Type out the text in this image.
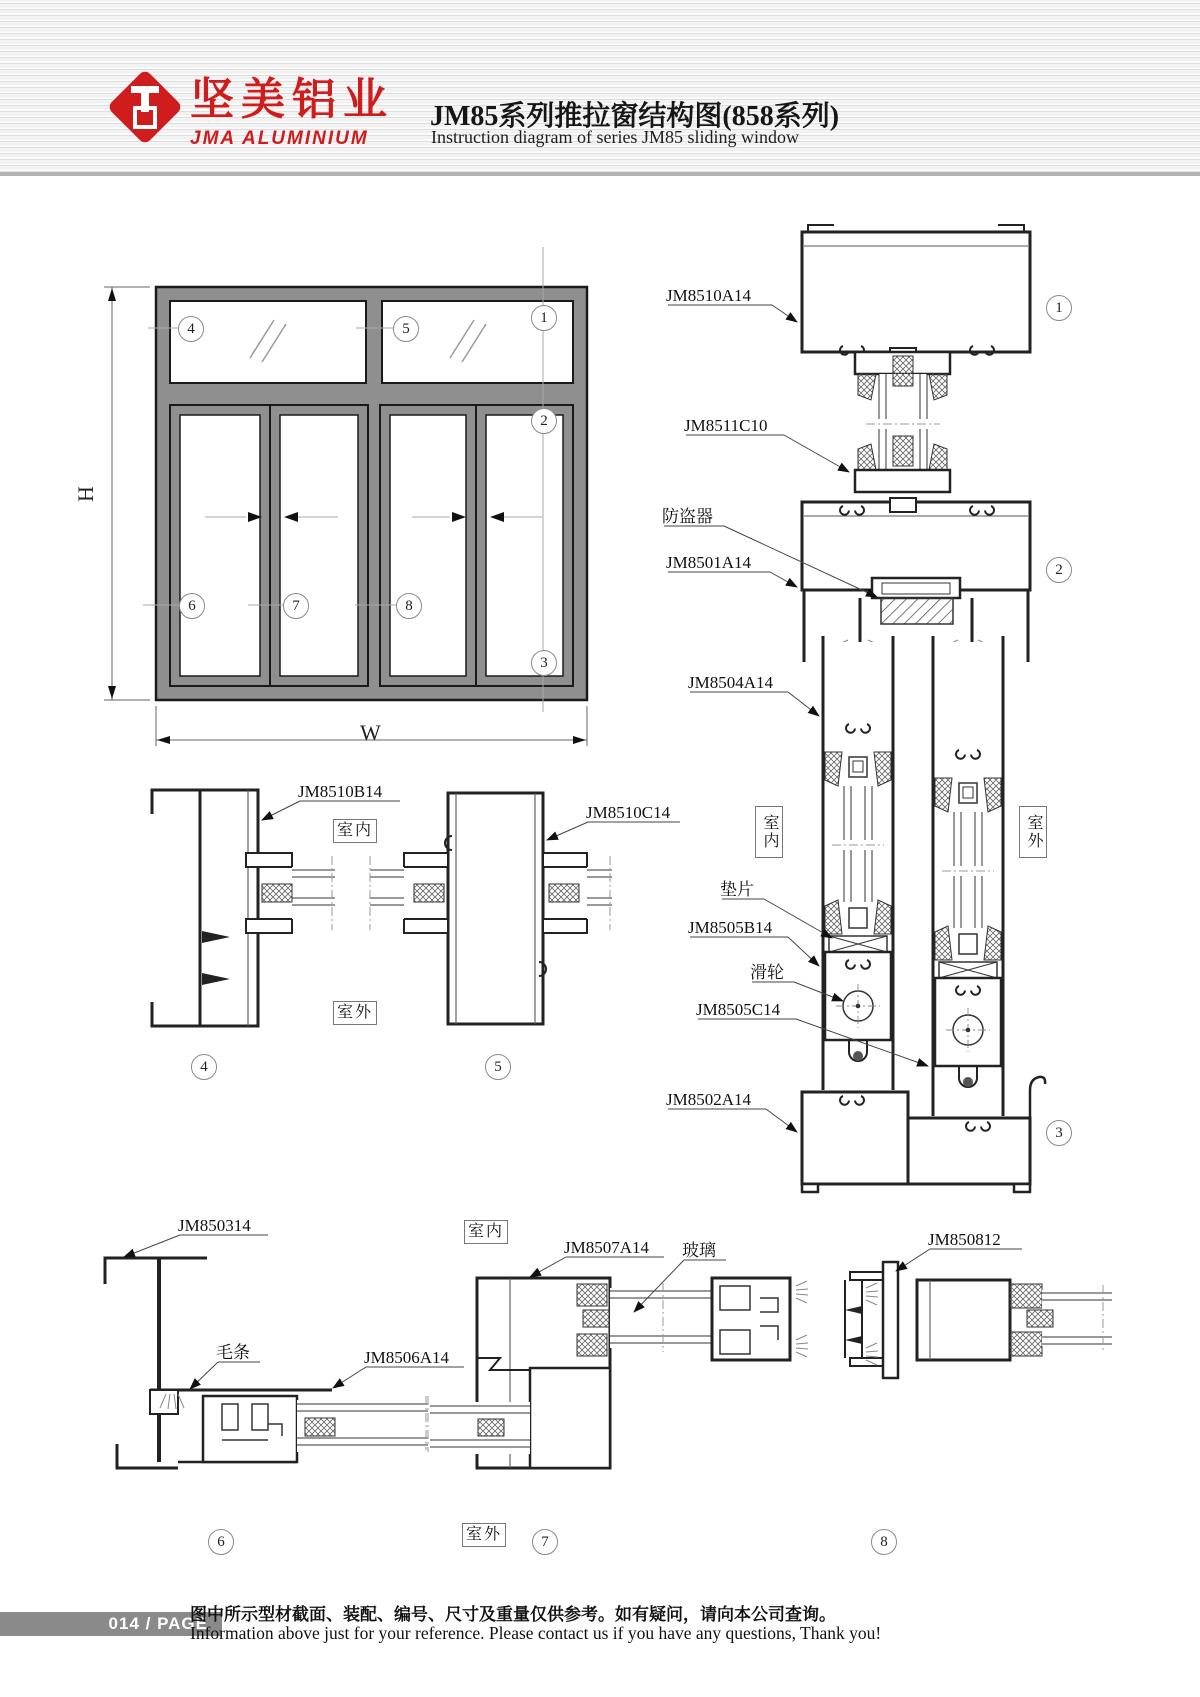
坚美铝业
JMA ALUMINIUM
JM85系列推拉窗结构图(858系列)
Instruction diagram of series JM85 sliding window
H
W
JM8510A14
JM8511C10
防盗器
JM8501A14
JM8504A14
垫片
JM8505B14
滑轮
JM8505C14
JM8502A14
JM8510B14
JM8510C14
JM850314
毛条	JM8506A14
JM8507A14 玻璃
JM850812
室内	室外
室内
室外
室内
室外
1
2
3
4	5
6	7	8
1
2
3
4	5
6	7	8
014 / PAGE
图中所示型材截面、装配、编号、尺寸及重量仅供参考。如有疑问，请向本公司查询。
Information above just for your reference. Please contact us if you have any questions, Thank you!
